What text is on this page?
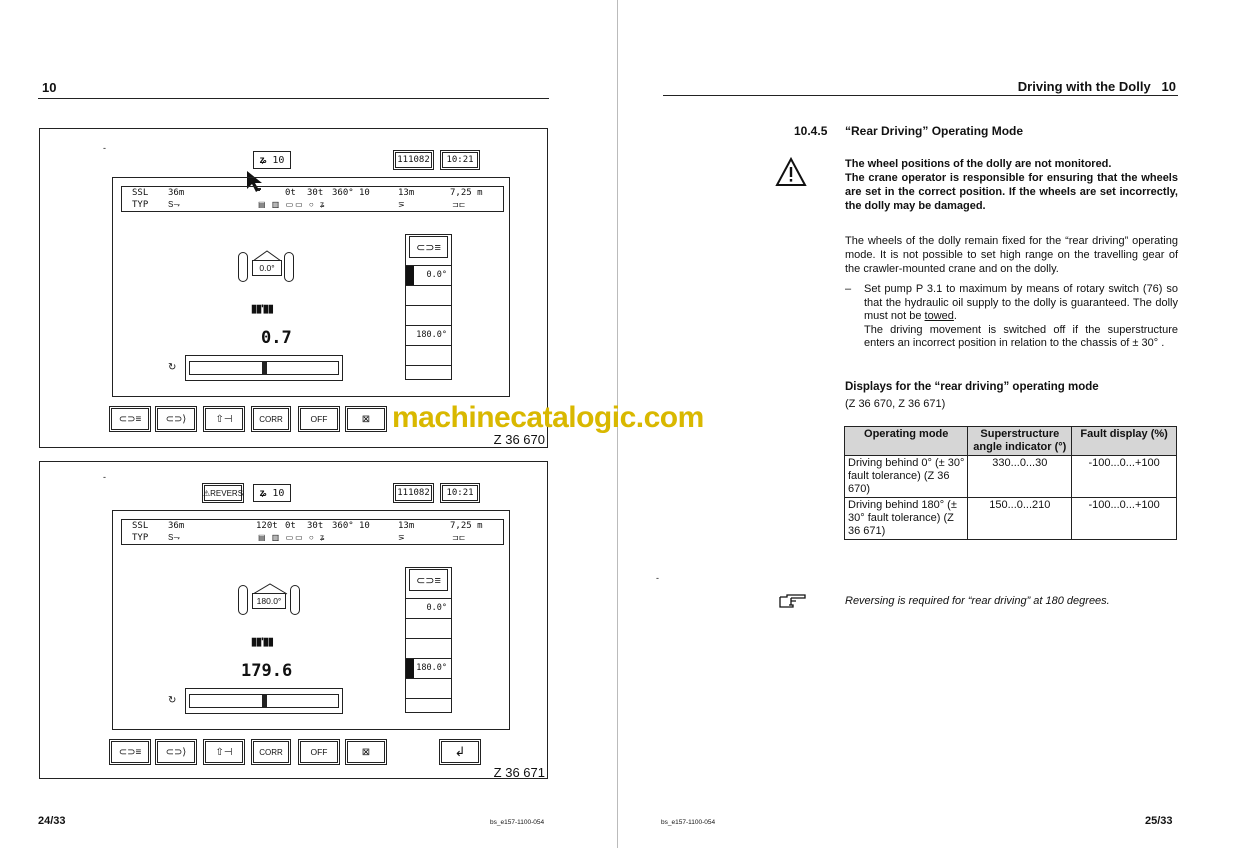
10	Driving with the Dolly 10
-
ʑ 10	111082 10:21
SSL 36m
TYP
0t 30t 360° 10	13m	7,25 m
S⇁	▤ ▥ ▭▭ ○ ʑ	⋝	⊐⊏
0.0°
▮▮'▮▮
0.7
↻
0.0°
180.0°
⊂⊃≡
⊂⊃≡	⊂⊃⟩	⇧⊣	CORR	OFF	⊠
Z 36 670
-
⚠ REVERS ʑ 10	111082 10:21
SSL 36m
TYP
120t 0t 30t 360° 10	13m	7,25 m
S⇁	▤ ▥ ▭▭ ○ ʑ	⋝	⊐⊏
180.0°
▮▮'▮▮
179.6
↻
0.0°
180.0°
⊂⊃≡
⊂⊃≡	⊂⊃⟩	⇧⊣	CORR	OFF	⊠	↲
Z 36 671
24/33	bs_e157-1100-054
machinecatalogic.com
10.4.5 “Rear Driving” Operating Mode
The wheel positions of the dolly are not monitored.
The crane operator is responsible for ensuring that the wheels are set in the correct position. If the wheels are set incorrectly, the dolly may be damaged.
The wheels of the dolly remain fixed for the “rear driving” operating mode. It is not possible to set high range on the travelling gear of the crawler-mounted crane and on the dolly.
– Set pump P 3.1 to maximum by means of rotary switch (76) so that the hydraulic oil supply to the dolly is guaranteed. The dolly must not be towed.
The driving movement is switched off if the superstructure enters an incorrect position in relation to the chassis of ± 30° .
Displays for the “rear driving” operating mode
(Z 36 670, Z 36 671)
Operating mode	Superstructure angle indicator (°)	Fault display (%)
Driving behind 0° (± 30° fault tolerance) (Z 36 670)	330...0...30	-100...0...+100
Driving behind 180° (± 30° fault tolerance) (Z 36 671)	150...0...210	-100...0...+100
Reversing is required for “rear driving” at 180 degrees.
-
bs_e157-1100-054	25/33
